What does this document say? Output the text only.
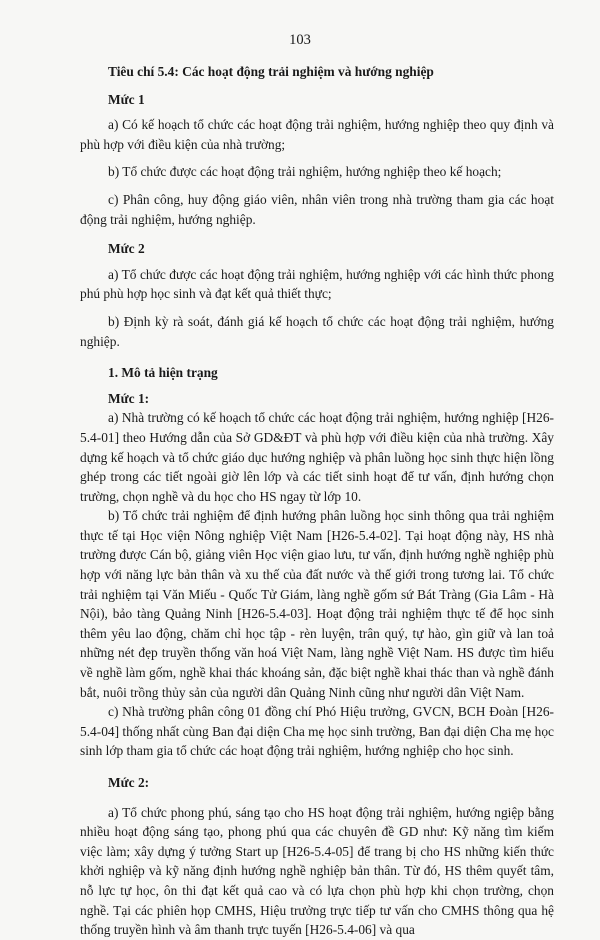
103

Tiêu chí 5.4: Các hoạt động trải nghiệm và hướng nghiệp

Mức 1

a) Có kế hoạch tổ chức các hoạt động trải nghiệm, hướng nghiệp theo quy định và phù hợp với điều kiện của nhà trường;

b) Tổ chức được các hoạt động trải nghiệm, hướng nghiệp theo kế hoạch;

c) Phân công, huy động giáo viên, nhân viên trong nhà trường tham gia các hoạt động trải nghiệm, hướng nghiệp.

Mức 2

a) Tổ chức được các hoạt động trải nghiệm, hướng nghiệp với các hình thức phong phú phù hợp học sinh và đạt kết quả thiết thực;

b) Định kỳ rà soát, đánh giá kế hoạch tổ chức các hoạt động trải nghiệm, hướng nghiệp.

1. Mô tả hiện trạng

Mức 1:

a) Nhà trường có kế hoạch tổ chức các hoạt động trải nghiệm, hướng nghiệp [H26-5.4-01] theo Hướng dẫn của Sở GD&ĐT và phù hợp với điều kiện của nhà trường. Xây dựng kế hoạch và tổ chức giáo dục hướng nghiệp và phân luồng học sinh thực hiện lồng ghép trong các tiết ngoài giờ lên lớp và các tiết sinh hoạt để tư vấn, định hướng chọn trường, chọn nghề và du học cho HS ngay từ lớp 10.

b) Tổ chức trải nghiệm để định hướng phân luồng học sinh thông qua trải nghiệm thực tế tại Học viện Nông nghiệp Việt Nam [H26-5.4-02]. Tại hoạt động này, HS nhà trường được Cán bộ, giảng viên Học viện giao lưu, tư vấn, định hướng nghề nghiệp phù hợp với năng lực bản thân và xu thế của đất nước và thế giới trong tương lai. Tổ chức trải nghiệm tại Văn Miếu - Quốc Tử Giám, làng nghề gốm sứ Bát Tràng (Gia Lâm - Hà Nội), bảo tàng Quảng Ninh [H26-5.4-03]. Hoạt động trải nghiệm thực tế để học sinh thêm yêu lao động, chăm chỉ học tập - rèn luyện, trân quý, tự hào, gìn giữ và lan toả những nét đẹp truyền thống văn hoá Việt Nam, làng nghề Việt Nam. HS được tìm hiểu về nghề làm gốm, nghề khai thác khoáng sản, đặc biệt nghề khai thác than và nghề đánh bắt, nuôi trồng thủy sản của người dân Quảng Ninh cũng như người dân Việt Nam.

c) Nhà trường phân công 01 đồng chí Phó Hiệu trưởng, GVCN, BCH Đoàn [H26-5.4-04] thống nhất cùng Ban đại diện Cha mẹ học sinh trường, Ban đại diện Cha mẹ học sinh lớp tham gia tổ chức các hoạt động trải nghiệm, hướng nghiệp cho học sinh.

Mức 2:

a) Tổ chức phong phú, sáng tạo cho HS hoạt động trải nghiệm, hướng ngiệp bằng nhiều hoạt động sáng tạo, phong phú qua các chuyên đề GD như: Kỹ năng tìm kiếm việc làm; xây dựng ý tưởng Start up [H26-5.4-05] để trang bị cho HS những kiến thức khởi nghiệp và kỹ năng định hướng nghề nghiệp bản thân. Từ đó, HS thêm quyết tâm, nỗ lực tự học, ôn thi đạt kết quả cao và có lựa chọn phù hợp khi chọn trường, chọn nghề. Tại các phiên họp CMHS, Hiệu trưởng trực tiếp tư vấn cho CMHS thông qua hệ thống truyền hình và âm thanh trực tuyến [H26-5.4-06] và qua
